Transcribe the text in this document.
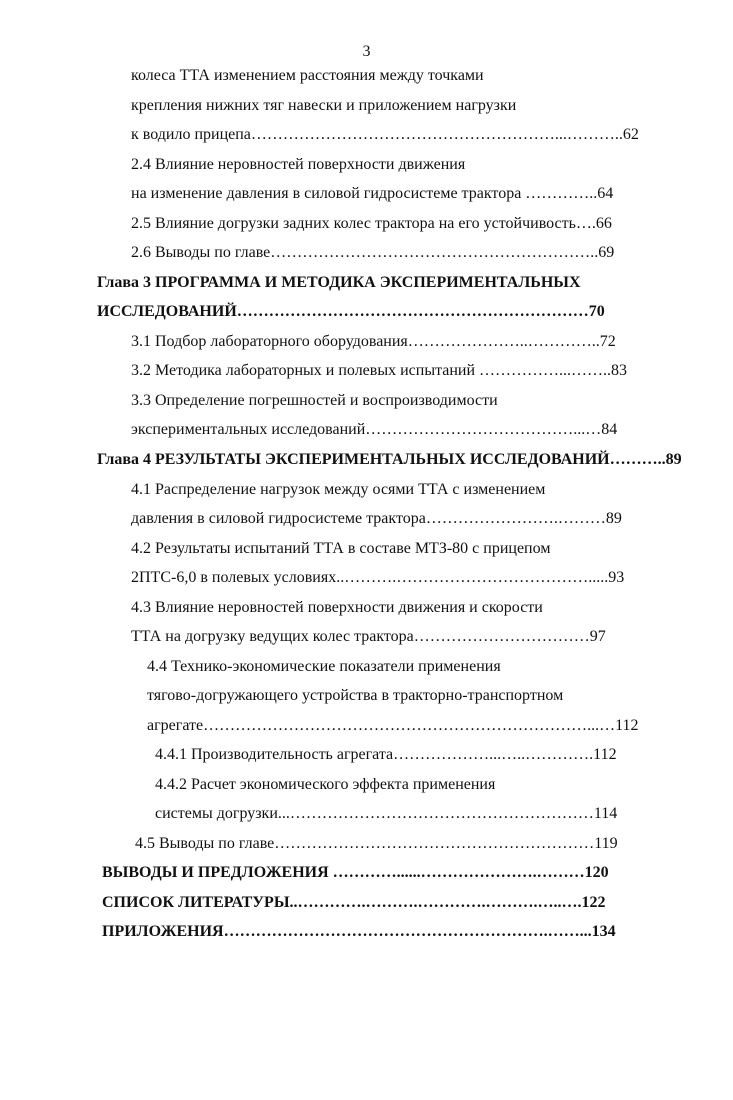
3
колеса ТТА изменением расстояния между точками
крепления нижних тяг навески и приложением нагрузки
к водило прицепа…………………………………………………...………..62
2.4 Влияние неровностей поверхности движения
на изменение давления в силовой гидросистеме трактора …………..64
2.5 Влияние догрузки задних колес трактора на его устойчивость….66
2.6 Выводы по главе……………………………………………………..69
Глава 3 ПРОГРАММА И МЕТОДИКА ЭКСПЕРИМЕНТАЛЬНЫХ
ИССЛЕДОВАНИЙ…………………………………………………………70
3.1 Подбор лабораторного оборудования…………………..…………..72
3.2 Методика лабораторных и полевых испытаний ……………...……..83
3.3 Определение погрешностей и воспроизводимости
экспериментальных исследований…………………………………...…84
Глава 4 РЕЗУЛЬТАТЫ ЭКСПЕРИМЕНТАЛЬНЫХ ИССЛЕДОВАНИЙ………..89
4.1 Распределение нагрузок между осями ТТА с изменением
давления в силовой гидросистеме трактора…………………….………89
4.2 Результаты испытаний ТТА в составе МТЗ-80 с прицепом
2ПТС-6,0 в полевых условиях..……….……………………………….....93
4.3 Влияние неровностей поверхности движения и скорости
ТТА на догрузку ведущих колес трактора……………………………97
4.4 Технико-экономические показатели применения
тягово-догружающего устройства в тракторно-транспортном
агрегате………………………………………………………………...…112
4.4.1 Производительность агрегата………………...…..………….112
4.4.2 Расчет экономического эффекта применения
системы догрузки...…………………………………………………114
4.5 Выводы по главе……………………………………………………119
ВЫВОДЫ И ПРЕДЛОЖЕНИЯ …………......………………….………120
СПИСОК ЛИТЕРАТУРЫ..………….……….………….……….…..….122
ПРИЛОЖЕНИЯ…………………………………………………….……...134
